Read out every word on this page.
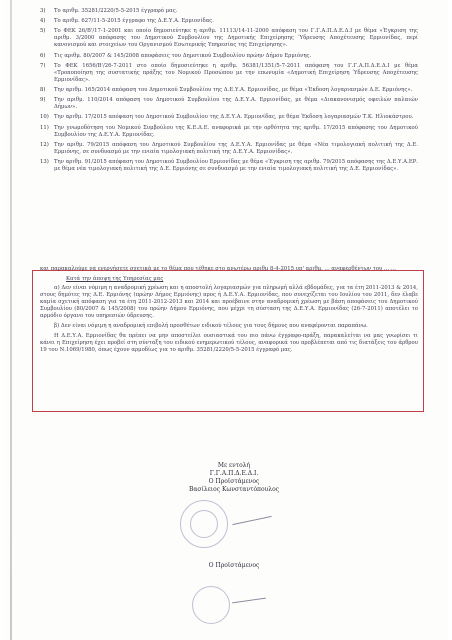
3)	Το αριθμ. 35281/2220/5-5-2015 έγγραφό μας.
4)	Το αριθμ. 627/11-5-2015 έγγραφο της Δ.Ε.Υ.Α. Ερμιονίδας.
5)	Το ΦΕΚ 26/Β'/17-1-2001 και οποίο δημοσιεύτηκε η αριθμ. 11113/14-11-2000 απόφαση του Γ.Γ.Α.Π.Δ.Ε.Δ.Ι με θέμα «Έγκριση της αριθμ. 3/2000 απόφασης του Δημοτικού Συμβουλίου της Δημοτικής Επιχείρησης Ύδρευσης Αποχέτευσης Ερμιονίδας, περί κανονισμού και στοιχείων του Οργανισμού Εσωτερικής Υπηρεσίας της Επιχείρησης».
6)	Τις αριθμ. 80/2007 & 145/2008 αποφάσεις του Δημοτικού Συμβουλίου πρώην Δήμου Ερμιόνης.
7)	Το ΦΕΚ 1656/Β'/26-7-2011 στο οποίο δημοσιεύτηκε η αριθμ. 56381/1351/5-7-2011 απόφαση του Γ.Γ.Α.Π.Δ.Ε.Δ.Ι με θέμα «Τροποποίηση της συστατικής πράξης του Νομικού Προσώπου με την επωνυμία «Δημοτική Επιχείρηση Ύδρευσης Αποχέτευσης Ερμιονίδας».
8)	Την αριθμ. 165/2014 απόφαση του Δημοτικού Συμβουλίου της Δ.Ε.Υ.Α. Ερμιονίδας, με θέμα «Έκδοση λογαριασμών Δ.Ε. Ερμιόνης».
9)	Την αριθμ. 110/2014 απόφαση του Δημοτικού Συμβουλίου της Δ.Ε.Υ.Α. Ερμιονίδας, με θέμα «Διακανονισμός οφειλών παλαιών Δήμων».
10) Την αριθμ. 17/2015 απόφαση του Δημοτικού Συμβουλίου της Δ.Ε.Υ.Α. Ερμιονίδας, με θέμα Έκδοση λογαριασμών Τ.Κ. Ηλιοκάστρου.
11) Την γνωμοδότηση του Νομικού Συμβούλου της Κ.Ε.Δ.Ε. αναφορικά με την ορθότητα της αριθμ. 17/2015 απόφασης του Δημοτικού Συμβουλίου της Δ.Ε.Υ.Α. Ερμιονίδας.
12) Την αριθμ. 79/2015 απόφαση του Δημοτικού Συμβουλίου της Δ.Ε.Υ.Α. Ερμιονίδας με θέμα «Νέα τιμολογιακή πολιτική της Δ.Ε. Ερμιόνης, σε συνδυασμό με την ενιαία τιμολογιακή πολιτική της Δ.Ε.Υ.Α. Ερμιονίδας».
13) Την αριθμ. 91/2015 απόφαση του Δημοτικού Συμβουλίου Ερμιονίδας με θέμα «Έγκριση της αριθμ. 79/2015 απόφασης της Δ.Ε.Υ.Α.ΕΡ. με θέμα νέα τιμολογιακή πολιτική της Δ.Ε. Ερμιόνης σε συνδυασμό με την ενιαία τιμολογιακή πολιτική της Δ.Ε. Ερμιονίδας».
και παρακαλούμε να ενεργήσετε σχετικά με το θέμα που τέθηκε στο ανωτέρω αριθμ 8-4-2015 υπ' αριθμ. ... αναφερθέντων του ... ...
Κατά την άποψη της Υπηρεσίας μας
α) Δεν είναι νόμιμη η αναδρομική χρέωση και η αποστολή λογαριασμών για πληρωμή αλλά εβδομάδες, για τα έτη 2011-2013 & 2014, στους δημότες της Δ.Ε. Ερμιόνης (πρώην Δήμος Ερμιόνης) προς ή Δ.Ε.Υ.Α. Ερμιονίδας, που συνεχίζεται του Ιουλίου του 2011, δεν έλαβε καμία σχετική απόφαση για τα έτη 2011-2012-2013 και 2014 και προέβαινε στην αναδρομική χρέωση με βάση αποφάσεις του Δημοτικού Συμβουλίου (80/2007 & 145/2008) του πρώην Δήμου Ερμιόνης, που μέχρι τη σύσταση της Δ.Ε.Υ.Α. Ερμιονίδας (26-7-2011) αποτέλει το αρμόδιο όργανο του υπηρεσιών ύδρευσης.
β) Δεν είναι νόμιμη η αναδρομική επιβολή προσθέτων ειδικού τέλους για τους δήμους που αναφέρονται παραπάνω.
Η Δ.Ε.Υ.Α. Ερμιονίδας θα πρέπει να μην αποστείλει ουσιαστικά του πιο πάνω έγγραφο-πράξη, παρακαλείται να μας γνωρίσει τι κάνει η Επιχείρηση έχει προβεί στη σύνταξη του ειδικού ενημερωτικού τέλους, αναφορικά του προβλέπεται από τις διατάξεις του άρθρου 19 του Ν.1069/1980, όπως έχουν αρμοδίως για το αριθμ. 35281/2220/5-5-2015 έγγραφό μας.
Με εντολή
Γ.Γ.Α.Π.Δ.Ε.Δ.Ι.
Ο Προϊστάμενος
Βασίλειος Κωνσταντόπουλος
Ο Προϊστάμενος
